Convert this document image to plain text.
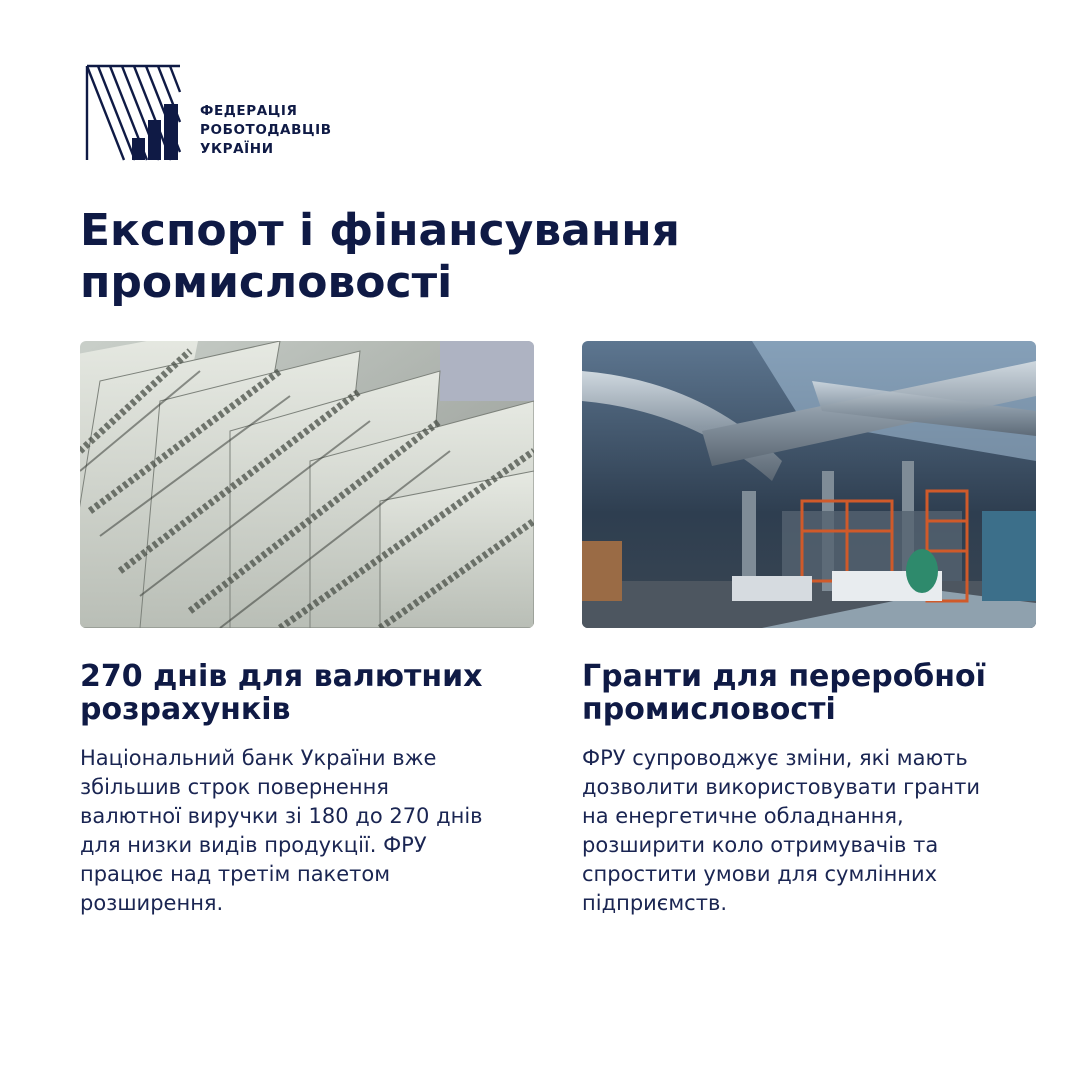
ФЕДЕРАЦІЯ
РОБОТОДАВЦІВ
УКРАЇНИ
Експорт і фінансування
промисловості
270 днів для валютних
розрахунків

Національний банк України вже
збільшив строк повернення
валютної виручки зі 180 до 270 днів
для низки видів продукції. ФРУ
працює над третім пакетом
розширення.

Гранти для переробної
промисловості

ФРУ супроводжує зміни, які мають
дозволити використовувати гранти
на енергетичне обладнання,
розширити коло отримувачів та
спростити умови для сумлінних
підприємств.
